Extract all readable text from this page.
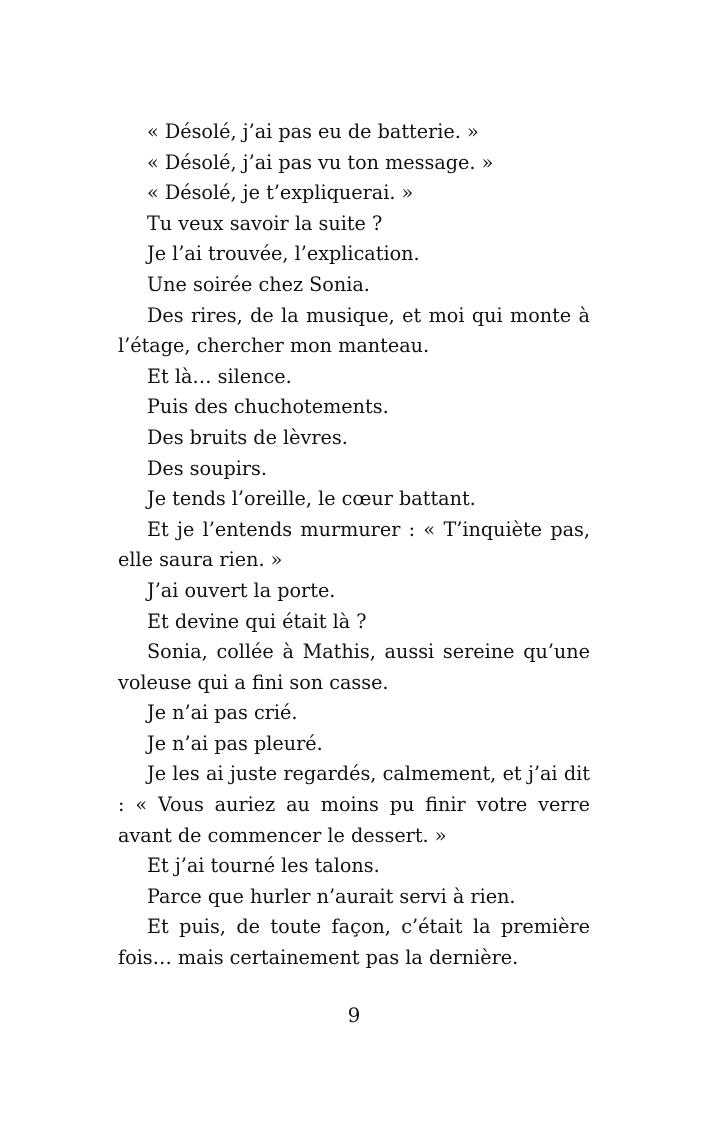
« Désolé, j’ai pas eu de batterie. »

« Désolé, j’ai pas vu ton message. »

« Désolé, je t’expliquerai. »

Tu veux savoir la suite ?

Je l’ai trouvée, l’explication.

Une soirée chez Sonia.

Des rires, de la musique, et moi qui monte à l’étage, chercher mon manteau.

Et là… silence.

Puis des chuchotements.

Des bruits de lèvres.

Des soupirs.

Je tends l’oreille, le cœur battant.

Et je l’entends murmurer : « T’inquiète pas, elle saura rien. »

J’ai ouvert la porte.

Et devine qui était là ?

Sonia, collée à Mathis, aussi sereine qu’une voleuse qui a fini son casse.

Je n’ai pas crié.

Je n’ai pas pleuré.

Je les ai juste regardés, calmement, et j’ai dit : « Vous auriez au moins pu finir votre verre avant de commencer le dessert. »

Et j’ai tourné les talons.

Parce que hurler n’aurait servi à rien.

Et puis, de toute façon, c’était la première fois… mais certainement pas la dernière.

9
